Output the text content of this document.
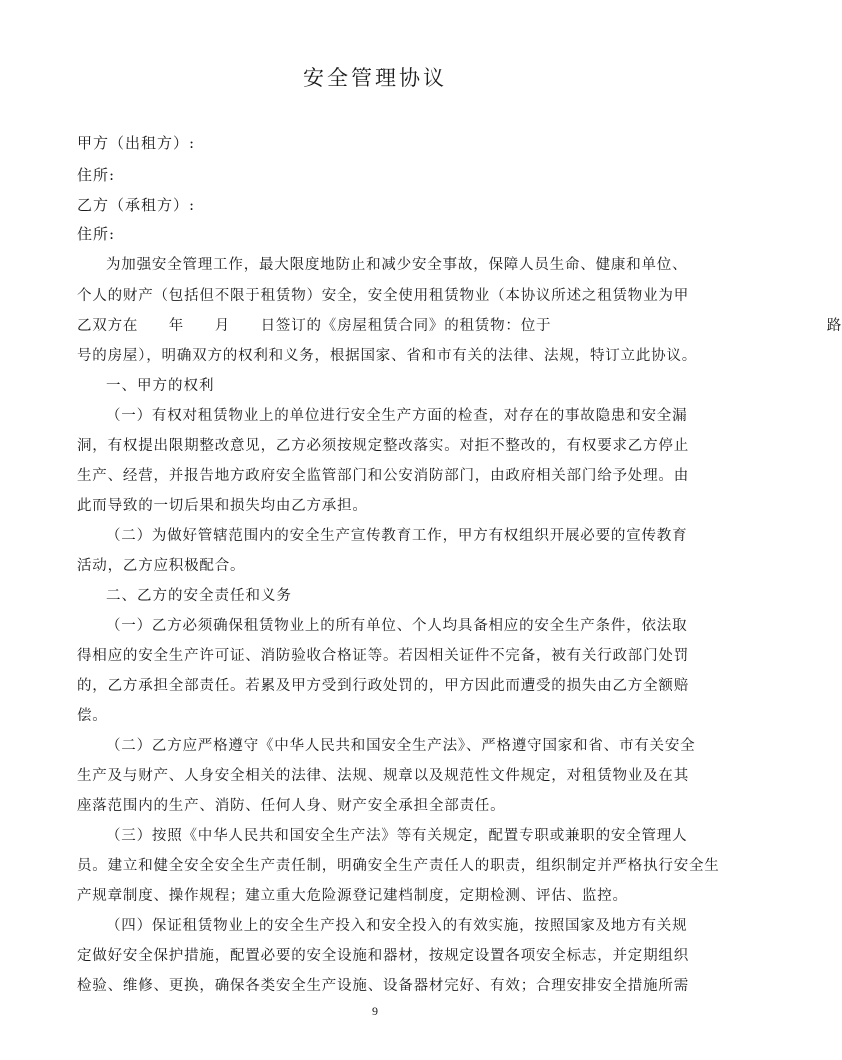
安全管理协议
甲方（出租方）:
住所:
乙方（承租方）:
住所:
为加强安全管理工作，最大限度地防止和减少安全事故，保障人员生命、健康和单位、
个人的财产（包括但不限于租赁物）安全，安全使用租赁物业（本协议所述之租赁物业为甲
乙双方在　　年　　月　　日签订的《房屋租赁合同》的租赁物：位于　　　　　　　　　　　　　　　　　　路
号的房屋），明确双方的权利和义务，根据国家、省和市有关的法律、法规，特订立此协议。
一、甲方的权利
（一）有权对租赁物业上的单位进行安全生产方面的检查，对存在的事故隐患和安全漏
洞，有权提出限期整改意见，乙方必须按规定整改落实。对拒不整改的，有权要求乙方停止
生产、经营，并报告地方政府安全监管部门和公安消防部门，由政府相关部门给予处理。由
此而导致的一切后果和损失均由乙方承担。
（二）为做好管辖范围内的安全生产宣传教育工作，甲方有权组织开展必要的宣传教育
活动，乙方应积极配合。
二、乙方的安全责任和义务
（一）乙方必须确保租赁物业上的所有单位、个人均具备相应的安全生产条件，依法取
得相应的安全生产许可证、消防验收合格证等。若因相关证件不完备，被有关行政部门处罚
的，乙方承担全部责任。若累及甲方受到行政处罚的，甲方因此而遭受的损失由乙方全额赔
偿。
（二）乙方应严格遵守《中华人民共和国安全生产法》、严格遵守国家和省、市有关安全
生产及与财产、人身安全相关的法律、法规、规章以及规范性文件规定，对租赁物业及在其
座落范围内的生产、消防、任何人身、财产安全承担全部责任。
（三）按照《中华人民共和国安全生产法》等有关规定，配置专职或兼职的安全管理人
员。建立和健全安全安全生产责任制，明确安全生产责任人的职责，组织制定并严格执行安全生
产规章制度、操作规程；建立重大危险源登记建档制度，定期检测、评估、监控。
（四）保证租赁物业上的安全生产投入和安全投入的有效实施，按照国家及地方有关规
定做好安全保护措施，配置必要的安全设施和器材，按规定设置各项安全标志，并定期组织
检验、维修、更换，确保各类安全生产设施、设备器材完好、有效；合理安排安全措施所需
9
